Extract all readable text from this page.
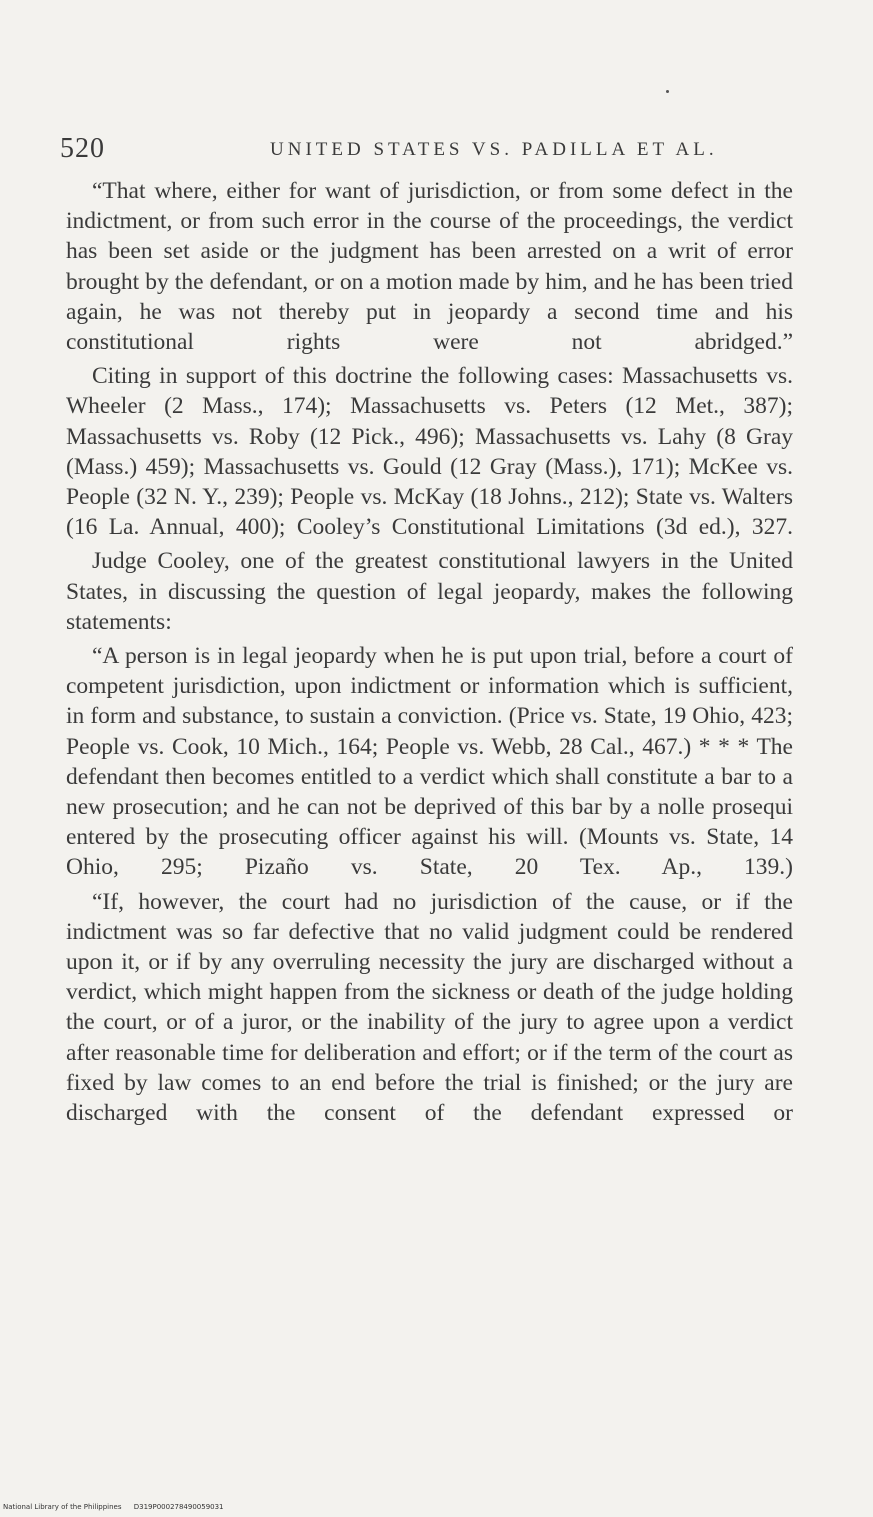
520	UNITED STATES VS. PADILLA ET AL.

“That where, either for want of jurisdiction, or from some defect in the indictment, or from such error in the course of the proceedings, the verdict has been set aside or the judgment has been arrested on a writ of error brought by the defendant, or on a motion made by him, and he has been tried again, he was not thereby put in jeopardy a second time and his constitutional rights were not abridged.”

Citing in support of this doctrine the following cases: Massachusetts vs. Wheeler (2 Mass., 174); Massachusetts vs. Peters (12 Met., 387); Massachusetts vs. Roby (12 Pick., 496); Massachusetts vs. Lahy (8 Gray (Mass.) 459); Massachusetts vs. Gould (12 Gray (Mass.), 171); McKee vs. People (32 N. Y., 239); People vs. McKay (18 Johns., 212); State vs. Walters (16 La. Annual, 400); Cooley’s Constitutional Limitations (3d ed.), 327.

Judge Cooley, one of the greatest constitutional lawyers in the United States, in discussing the question of legal jeopardy, makes the following statements:

“A person is in legal jeopardy when he is put upon trial, before a court of competent jurisdiction, upon indictment or information which is sufficient, in form and substance, to sustain a conviction. (Price vs. State, 19 Ohio, 423; People vs. Cook, 10 Mich., 164; People vs. Webb, 28 Cal., 467.) * * * The defendant then becomes entitled to a verdict which shall constitute a bar to a new prosecution; and he can not be deprived of this bar by a nolle prosequi entered by the prosecuting officer against his will. (Mounts vs. State, 14 Ohio, 295; Pizaño vs. State, 20 Tex. Ap., 139.)

“If, however, the court had no jurisdiction of the cause, or if the indictment was so far defective that no valid judgment could be rendered upon it, or if by any overruling necessity the jury are discharged without a verdict, which might happen from the sickness or death of the judge holding the court, or of a juror, or the inability of the jury to agree upon a verdict after reasonable time for deliberation and effort; or if the term of the court as fixed by law comes to an end before the trial is finished; or the jury are discharged with the consent of the defendant expressed or

National Library of the Philippines D319P000278490059031
